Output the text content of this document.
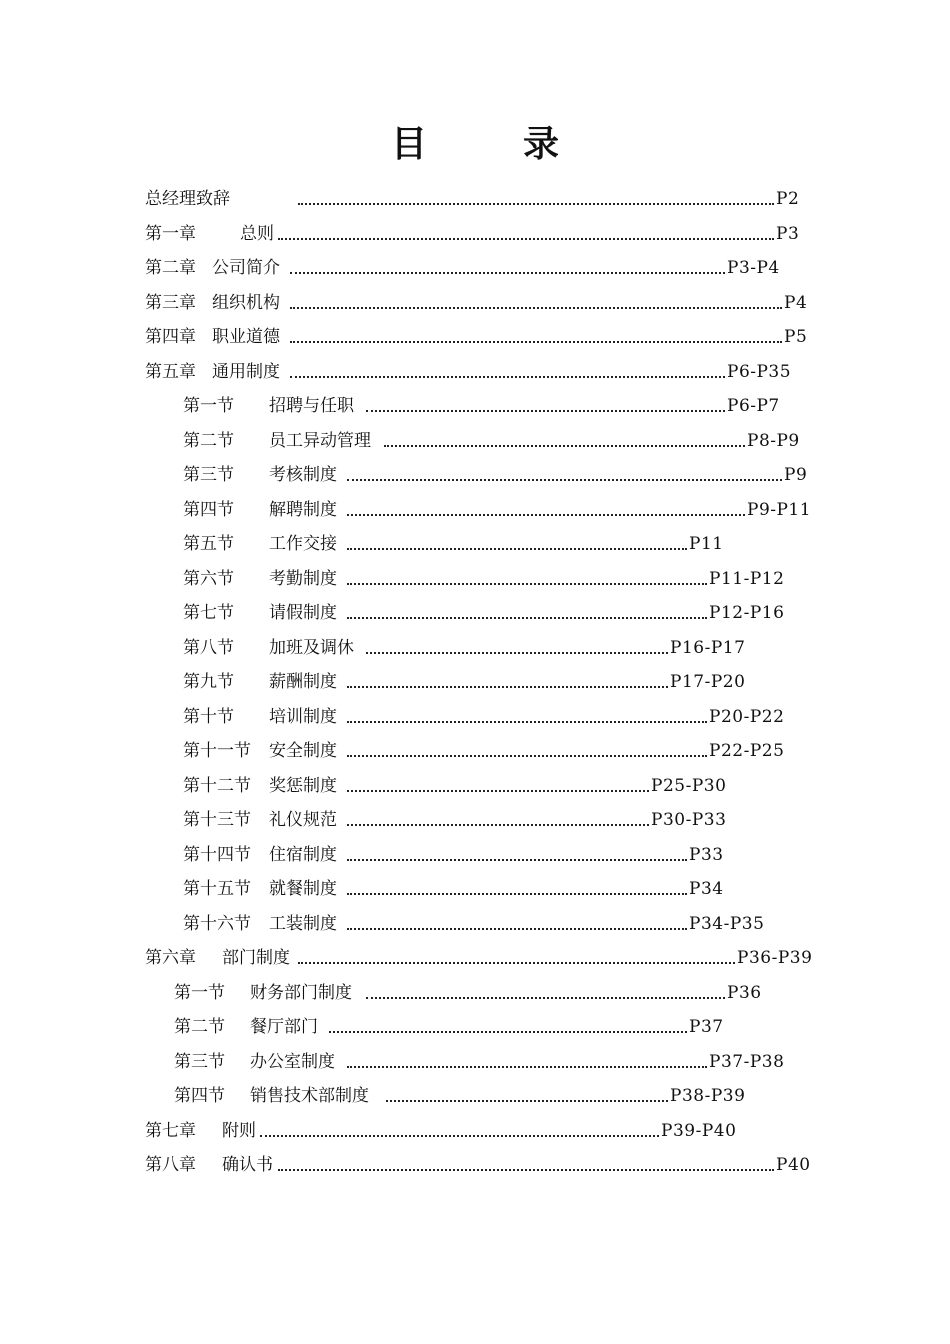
目　录
总经理致辞	P2
第一章	总则	P3
第二章 公司简介	P3-P4
第三章 组织机构	P4
第四章 职业道德	P5
第五章 通用制度	P6-P35
第一节 招聘与任职	P6-P7
第二节 员工异动管理	P8-P9
第三节 考核制度	P9
第四节 解聘制度	P9-P11
第五节 工作交接	P11
第六节 考勤制度	P11-P12
第七节 请假制度	P12-P16
第八节 加班及调休	P16-P17
第九节 薪酬制度	P17-P20
第十节 培训制度	P20-P22
第十一节 安全制度	P22-P25
第十二节 奖惩制度	P25-P30
第十三节 礼仪规范	P30-P33
第十四节 住宿制度	P33
第十五节 就餐制度	P34
第十六节 工装制度	P34-P35
第六章 部门制度	P36-P39
第一节 财务部门制度	P36
第二节 餐厅部门	P37
第三节 办公室制度	P37-P38
第四节 销售技术部制度	P38-P39
第七章 附则	P39-P40
第八章 确认书	P40
